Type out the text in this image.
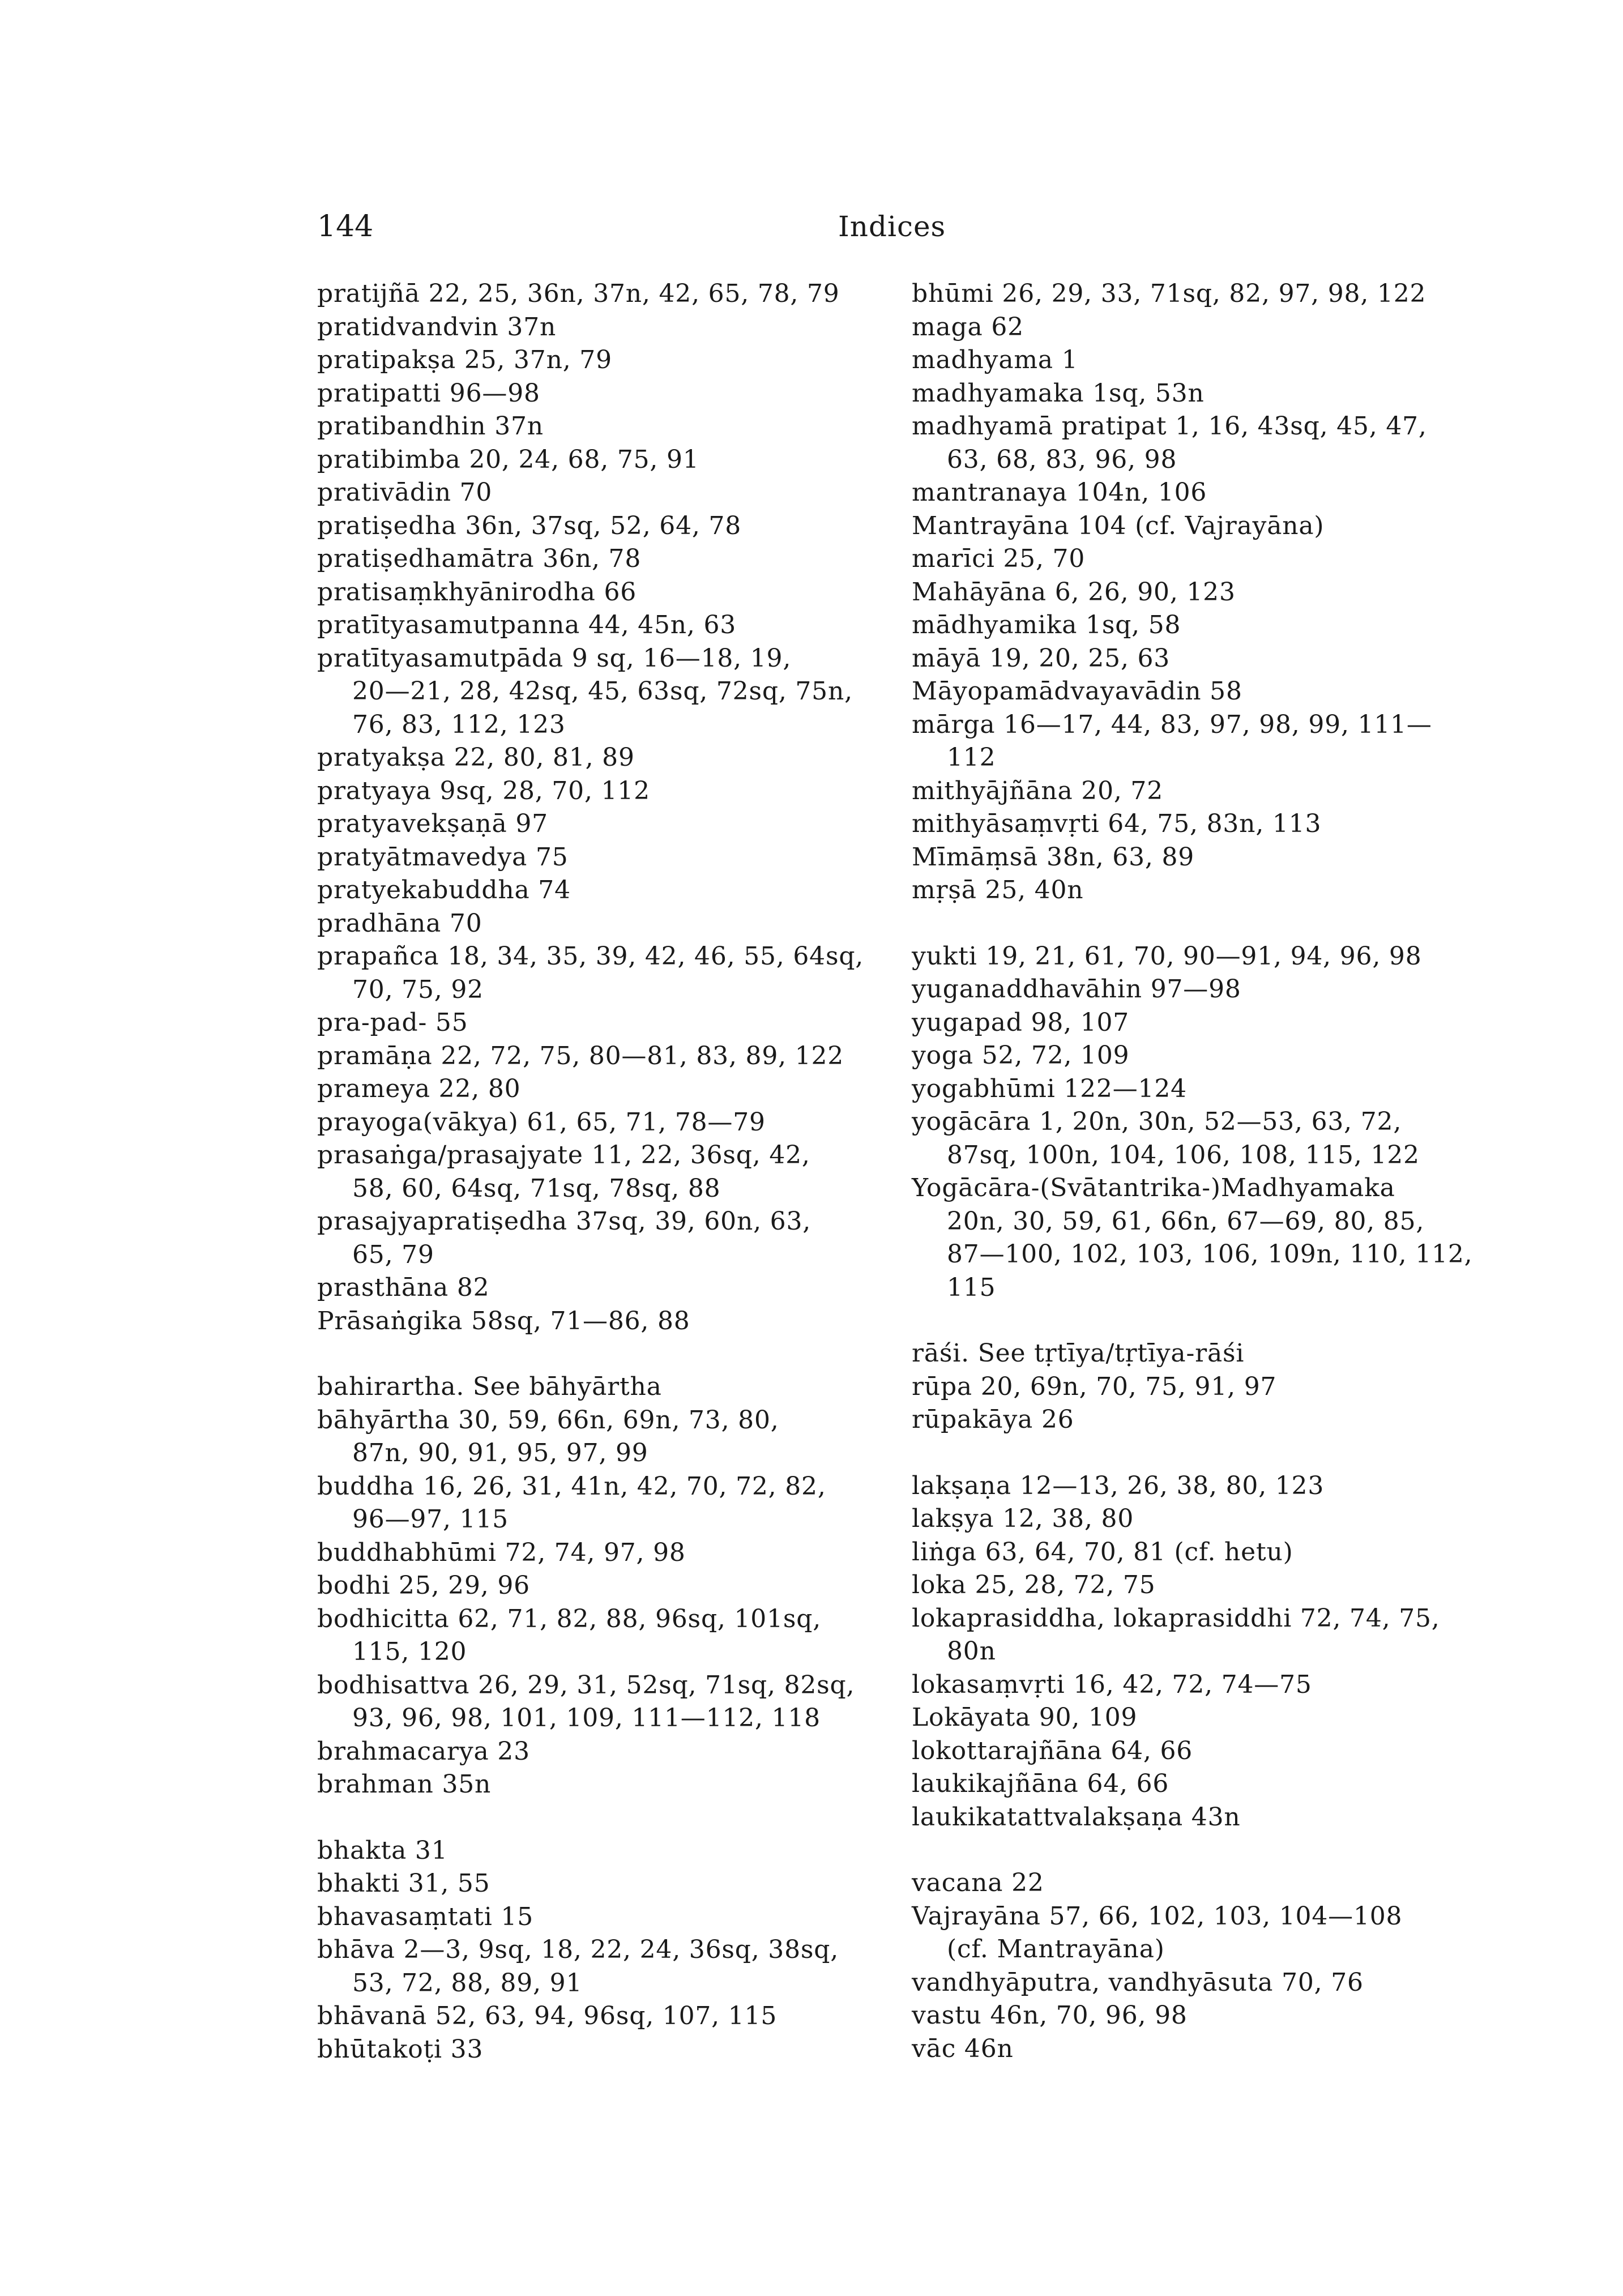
144	Indices
pratijñā 22, 25, 36n, 37n, 42, 65, 78, 79
pratidvandvin 37n
pratipakṣa 25, 37n, 79
pratipatti 96—98
pratibandhin 37n
pratibimba 20, 24, 68, 75, 91
prativādin 70
pratiṣedha 36n, 37sq, 52, 64, 78
pratiṣedhamātra 36n, 78
pratisaṃkhyānirodha 66
pratītyasamutpanna 44, 45n, 63
pratītyasamutpāda 9 sq, 16—18, 19,
20—21, 28, 42sq, 45, 63sq, 72sq, 75n,
76, 83, 112, 123
pratyakṣa 22, 80, 81, 89
pratyaya 9sq, 28, 70, 112
pratyavekṣaṇā 97
pratyātmavedya 75
pratyekabuddha 74
pradhāna 70
prapañca 18, 34, 35, 39, 42, 46, 55, 64sq,
70, 75, 92
pra-pad- 55
pramāṇa 22, 72, 75, 80—81, 83, 89, 122
prameya 22, 80
prayoga(vākya) 61, 65, 71, 78—79
prasaṅga/prasajyate 11, 22, 36sq, 42,
58, 60, 64sq, 71sq, 78sq, 88
prasajyapratiṣedha 37sq, 39, 60n, 63,
65, 79
prasthāna 82
Prāsaṅgika 58sq, 71—86, 88
bahirartha. See bāhyārtha
bāhyārtha 30, 59, 66n, 69n, 73, 80,
87n, 90, 91, 95, 97, 99
buddha 16, 26, 31, 41n, 42, 70, 72, 82,
96—97, 115
buddhabhūmi 72, 74, 97, 98
bodhi 25, 29, 96
bodhicitta 62, 71, 82, 88, 96sq, 101sq,
115, 120
bodhisattva 26, 29, 31, 52sq, 71sq, 82sq,
93, 96, 98, 101, 109, 111—112, 118
brahmacarya 23
brahman 35n
bhakta 31
bhakti 31, 55
bhavasaṃtati 15
bhāva 2—3, 9sq, 18, 22, 24, 36sq, 38sq,
53, 72, 88, 89, 91
bhāvanā 52, 63, 94, 96sq, 107, 115
bhūtakoṭi 33
bhūmi 26, 29, 33, 71sq, 82, 97, 98, 122
maga 62
madhyama 1
madhyamaka 1sq, 53n
madhyamā pratipat 1, 16, 43sq, 45, 47,
63, 68, 83, 96, 98
mantranaya 104n, 106
Mantrayāna 104 (cf. Vajrayāna)
marīci 25, 70
Mahāyāna 6, 26, 90, 123
mādhyamika 1sq, 58
māyā 19, 20, 25, 63
Māyopamādvayavādin 58
mārga 16—17, 44, 83, 97, 98, 99, 111—
112
mithyājñāna 20, 72
mithyāsaṃvṛti 64, 75, 83n, 113
Mīmāṃsā 38n, 63, 89
mṛṣā 25, 40n
yukti 19, 21, 61, 70, 90—91, 94, 96, 98
yuganaddhavāhin 97—98
yugapad 98, 107
yoga 52, 72, 109
yogabhūmi 122—124
yogācāra 1, 20n, 30n, 52—53, 63, 72,
87sq, 100n, 104, 106, 108, 115, 122
Yogācāra-(Svātantrika-)Madhyamaka
20n, 30, 59, 61, 66n, 67—69, 80, 85,
87—100, 102, 103, 106, 109n, 110, 112,
115
rāśi. See tṛtīya/tṛtīya-rāśi
rūpa 20, 69n, 70, 75, 91, 97
rūpakāya 26
lakṣaṇa 12—13, 26, 38, 80, 123
lakṣya 12, 38, 80
liṅga 63, 64, 70, 81 (cf. hetu)
loka 25, 28, 72, 75
lokaprasiddha, lokaprasiddhi 72, 74, 75,
80n
lokasaṃvṛti 16, 42, 72, 74—75
Lokāyata 90, 109
lokottarajñāna 64, 66
laukikajñāna 64, 66
laukikatattvalakṣaṇa 43n
vacana 22
Vajrayāna 57, 66, 102, 103, 104—108
(cf. Mantrayāna)
vandhyāputra, vandhyāsuta 70, 76
vastu 46n, 70, 96, 98
vāc 46n
